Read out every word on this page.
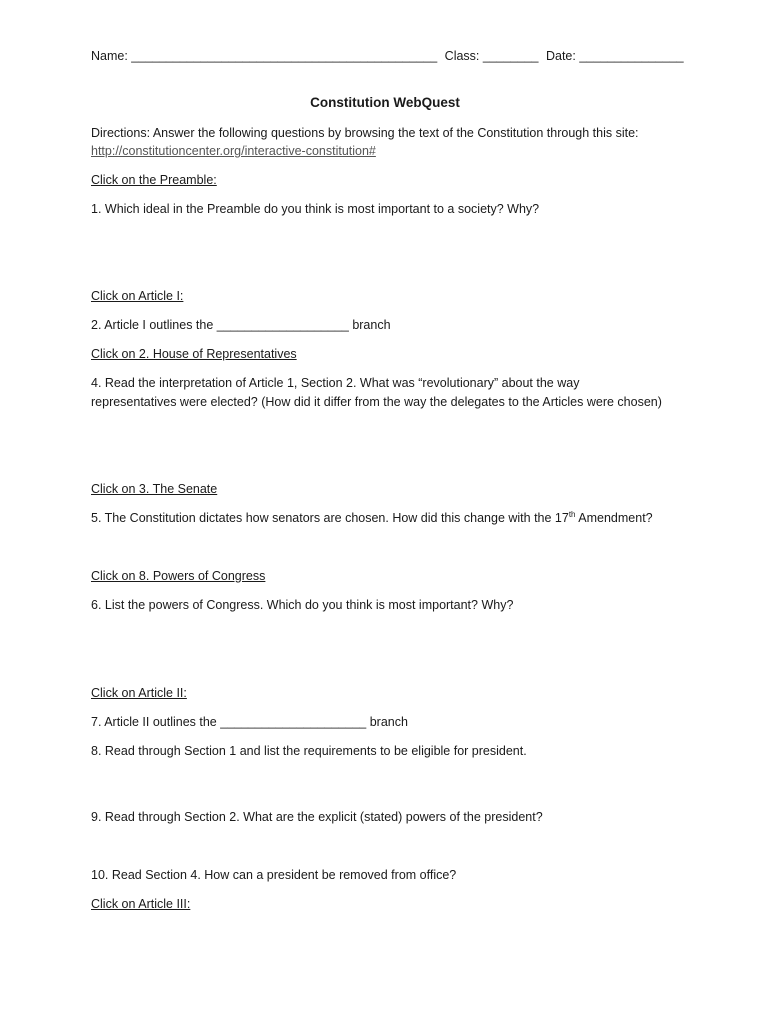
Name: ____________________________________________ Class: ________ Date: _______________
Constitution WebQuest
Directions: Answer the following questions by browsing the text of the Constitution through this site:
http://constitutioncenter.org/interactive-constitution#
Click on the Preamble:
1. Which ideal in the Preamble do you think is most important to a society? Why?
Click on Article I:
2. Article I outlines the ___________________ branch
Click on 2. House of Representatives
4. Read the interpretation of Article 1, Section 2. What was “revolutionary” about the way
representatives were elected? (How did it differ from the way the delegates to the Articles were chosen)
Click on 3. The Senate
5. The Constitution dictates how senators are chosen. How did this change with the 17th Amendment?
Click on 8. Powers of Congress
6. List the powers of Congress. Which do you think is most important? Why?
Click on Article II:
7. Article II outlines the _____________________ branch
8. Read through Section 1 and list the requirements to be eligible for president.
9. Read through Section 2. What are the explicit (stated) powers of the president?
10. Read Section 4. How can a president be removed from office?
Click on Article III:
